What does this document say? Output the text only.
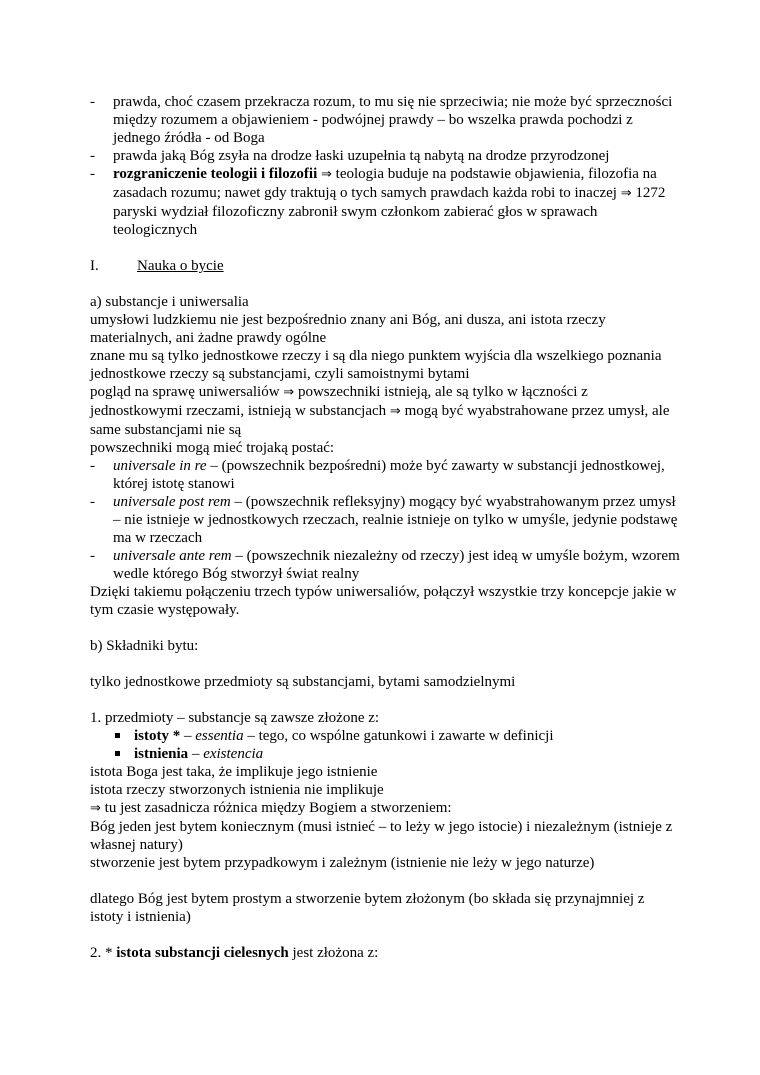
- prawda, choć czasem przekracza rozum, to mu się nie sprzeciwia; nie może być sprzeczności między rozumem a objawieniem - podwójnej prawdy – bo wszelka prawda pochodzi z jednego źródła - od Boga

- prawda jaką Bóg zsyła na drodze łaski uzupełnia tą nabytą na drodze przyrodzonej

- rozgraniczenie teologii i filozofii ⇒ teologia buduje na podstawie objawienia, filozofia na zasadach rozumu; nawet gdy traktują o tych samych prawdach każda robi to inaczej ⇒ 1272 paryski wydział filozoficzny zabronił swym członkom zabierać głos w sprawach teologicznych

I.	Nauka o bycie

a) substancje i uniwersalia

umysłowi ludzkiemu nie jest bezpośrednio znany ani Bóg, ani dusza, ani istota rzeczy materialnych, ani żadne prawdy ogólne

znane mu są tylko jednostkowe rzeczy i są dla niego punktem wyjścia dla wszelkiego poznania

jednostkowe rzeczy są substancjami, czyli samoistnymi bytami

pogląd na sprawę uniwersaliów ⇒ powszechniki istnieją, ale są tylko w łączności z jednostkowymi rzeczami, istnieją w substancjach ⇒ mogą być wyabstrahowane przez umysł, ale same substancjami nie są

powszechniki mogą mieć trojaką postać:

- universale in re – (powszechnik bezpośredni) może być zawarty w substancji jednostkowej, której istotę stanowi

- universale post rem – (powszechnik refleksyjny) mogący być wyabstrahowanym przez umysł – nie istnieje w jednostkowych rzeczach, realnie istnieje on tylko w umyśle, jedynie podstawę ma w rzeczach

- universale ante rem – (powszechnik niezależny od rzeczy) jest ideą w umyśle bożym, wzorem wedle którego Bóg stworzył świat realny

Dzięki takiemu połączeniu trzech typów uniwersaliów, połączył wszystkie trzy koncepcje jakie w tym czasie występowały.

b) Składniki bytu:

tylko jednostkowe przedmioty są substancjami, bytami samodzielnymi

1. przedmioty – substancje są zawsze złożone z:

istoty * – essentia – tego, co wspólne gatunkowi i zawarte w definicji

istnienia – existencia

istota Boga jest taka, że implikuje jego istnienie

istota rzeczy stworzonych istnienia nie implikuje

⇒ tu jest zasadnicza różnica między Bogiem a stworzeniem:

Bóg jeden jest bytem koniecznym (musi istnieć – to leży w jego istocie) i niezależnym (istnieje z własnej natury)

stworzenie jest bytem przypadkowym i zależnym (istnienie nie leży w jego naturze)

dlatego Bóg jest bytem prostym a stworzenie bytem złożonym (bo składa się przynajmniej z istoty i istnienia)

2. * istota substancji cielesnych jest złożona z:
